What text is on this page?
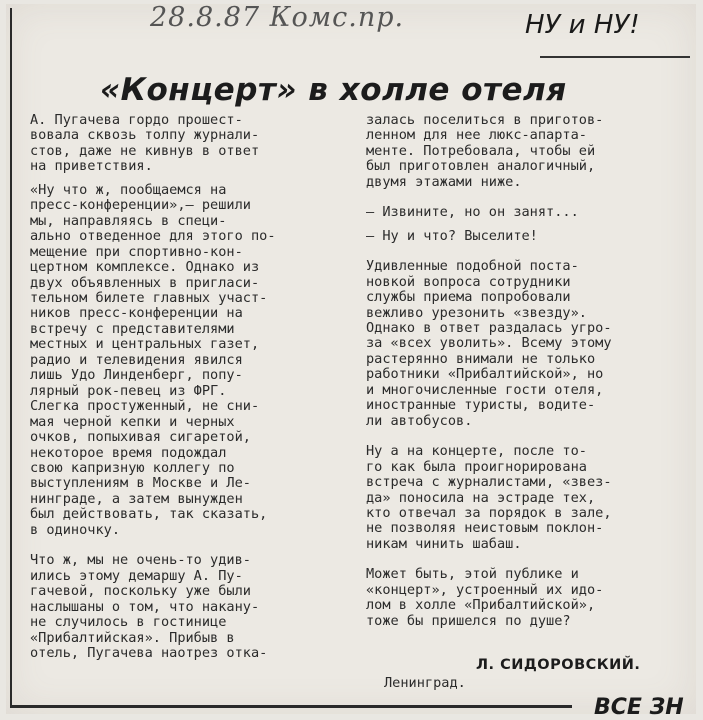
28.8.87 Комс.пр.	НУ и НУ!

«Концерт» в холле отеля

А. Пугачева гордо прошест-

вовала сквозь толпу журнали-

стов, даже не кивнув в ответ

на приветствия.

«Ну что ж, пообщаемся на

пресс-конференции»,— решили

мы, направляясь в специ-

ально отведенное для этого по-

мещение при спортивно-кон-

цертном комплексе. Однако из

двух объявленных в пригласи-

тельном билете главных участ-

ников пресс-конференции на

встречу с представителями

местных и центральных газет,

радио и телевидения явился

лишь Удо Линденберг, попу-

лярный рок-певец из ФРГ.

Слегка простуженный, не сни-

мая черной кепки и черных

очков, попыхивая сигаретой,

некоторое время подождал

свою капризную коллегу по

выступлениям в Москве и Ле-

нинграде, а затем вынужден

был действовать, так сказать,

в одиночку.

Что ж, мы не очень-то удив-

ились этому демаршу А. Пу-

гачевой, поскольку уже были

наслышаны о том, что накану-

не случилось в гостинице

«Прибалтийская». Прибыв в

отель, Пугачева наотрез отка-

залась поселиться в приготов-

ленном для нее люкс-апарта-

менте. Потребовала, чтобы ей

был приготовлен аналогичный,

двумя этажами ниже.

— Извините, но он занят...

— Ну и что? Выселите!

Удивленные подобной поста-

новкой вопроса сотрудники

службы приема попробовали

вежливо урезонить «звезду».

Однако в ответ раздалась угро-

за «всех уволить». Всему этому

растерянно внимали не только

работники «Прибалтийской», но

и многочисленные гости отеля,

иностранные туристы, водите-

ли автобусов.

Ну а на концерте, после то-

го как была проигнорирована

встреча с журналистами, «звез-

да» поносила на эстраде тех,

кто отвечал за порядок в зале,

не позволяя неистовым поклон-

никам чинить шабаш.

Может быть, этой публике и

«концерт», устроенный их идо-

лом в холле «Прибалтийской»,

тоже бы пришелся по душе?

Л. СИДОРОВСКИЙ.

Ленинград.

ВСЕ ЗН
